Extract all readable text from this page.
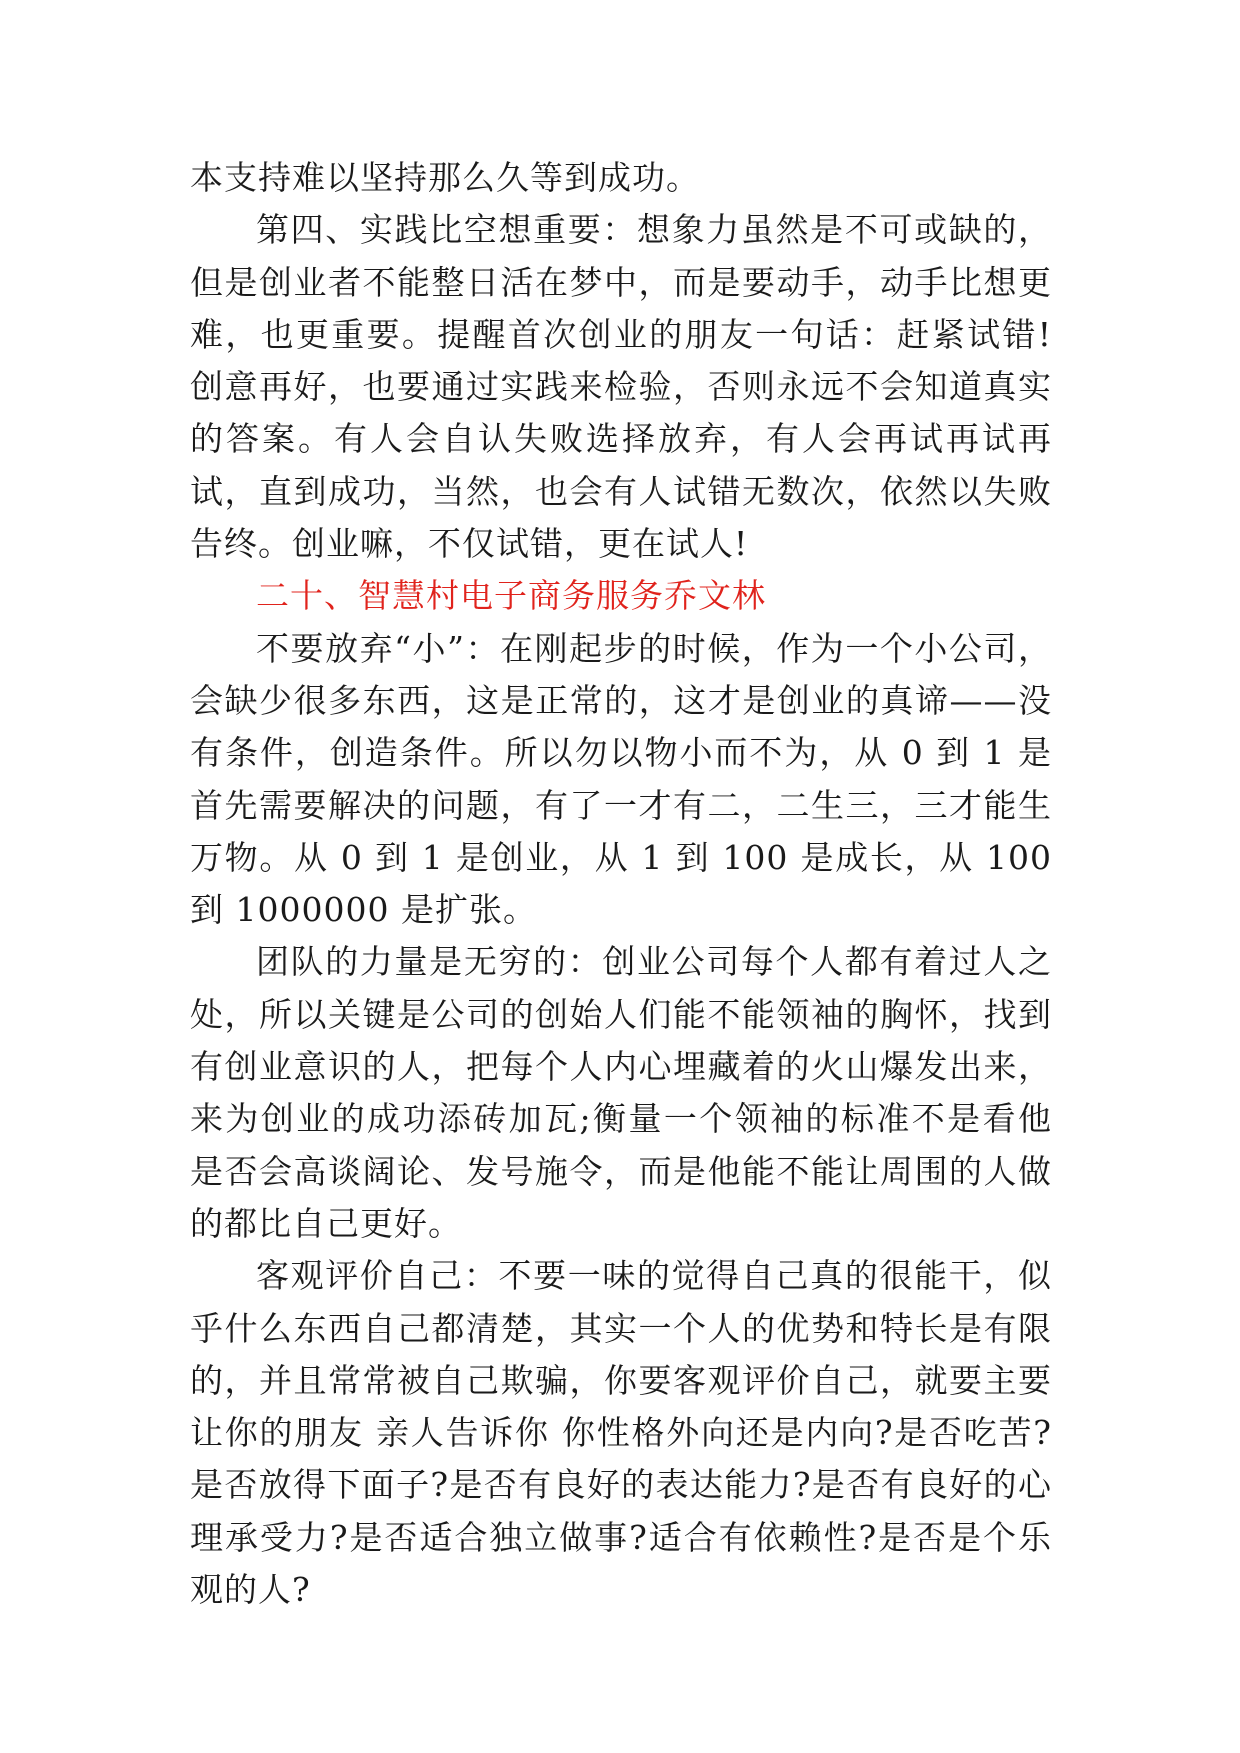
本支持难以坚持那么久等到成功。

第四、实践比空想重要：想象力虽然是不可或缺的，但是创业者不能整日活在梦中，而是要动手，动手比想更难，也更重要。提醒首次创业的朋友一句话：赶紧试错!创意再好，也要通过实践来检验，否则永远不会知道真实的答案。有人会自认失败选择放弃，有人会再试再试再试，直到成功，当然，也会有人试错无数次，依然以失败告终。创业嘛，不仅试错，更在试人!

二十、智慧村电子商务服务乔文林

不要放弃“小”：在刚起步的时候，作为一个小公司，会缺少很多东西，这是正常的，这才是创业的真谛——没有条件，创造条件。所以勿以物小而不为，从 0 到 1 是首先需要解决的问题，有了一才有二，二生三，三才能生万物。从 0 到 1 是创业，从 1 到 100 是成长，从 100 到 1000000 是扩张。

团队的力量是无穷的：创业公司每个人都有着过人之处，所以关键是公司的创始人们能不能领袖的胸怀，找到有创业意识的人，把每个人内心埋藏着的火山爆发出来，来为创业的成功添砖加瓦;衡量一个领袖的标准不是看他是否会高谈阔论、发号施令，而是他能不能让周围的人做的都比自己更好。

客观评价自己：不要一味的觉得自己真的很能干，似乎什么东西自己都清楚，其实一个人的优势和特长是有限的，并且常常被自己欺骗，你要客观评价自己，就要主要让你的朋友 亲人告诉你 你性格外向还是内向?是否吃苦?是否放得下面子?是否有良好的表达能力?是否有良好的心理承受力?是否适合独立做事?适合有依赖性?是否是个乐观的人?
